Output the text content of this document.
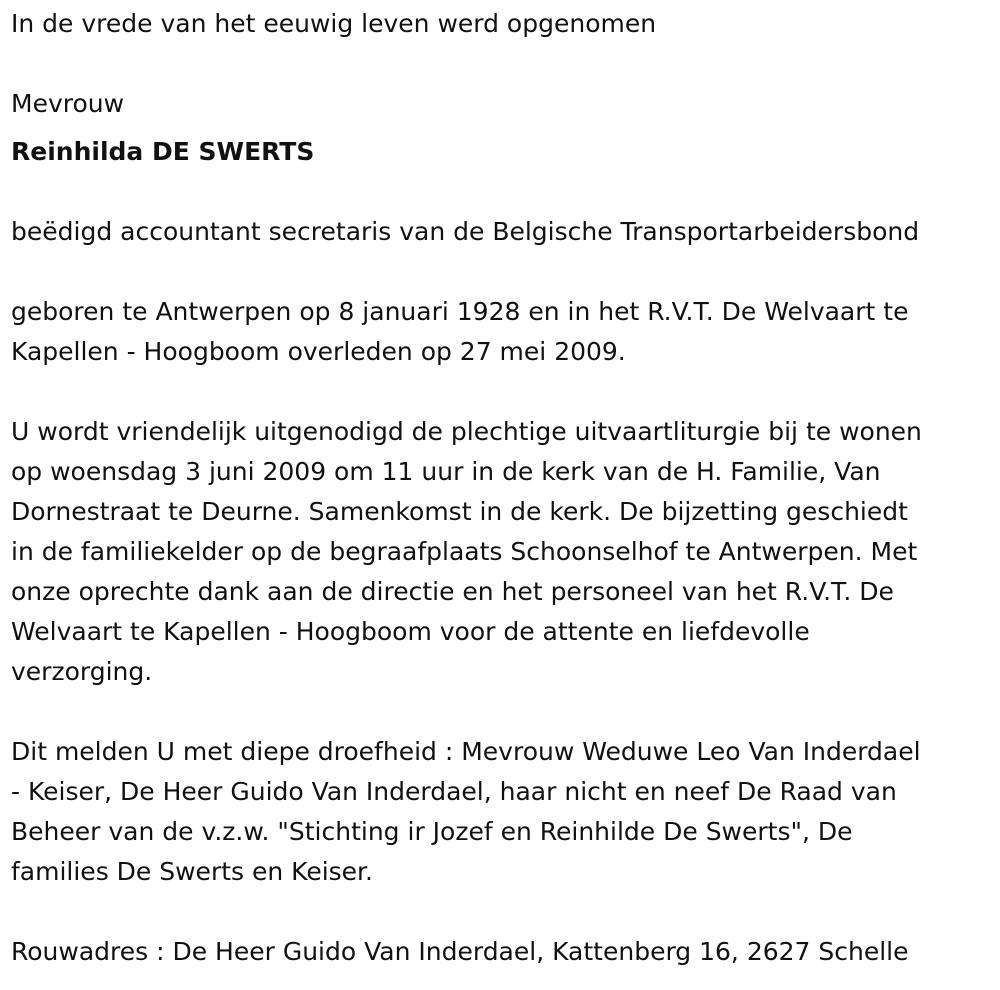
In de vrede van het eeuwig leven werd opgenomen

Mevrouw

Reinhilda DE SWERTS

beëdigd accountant secretaris van de Belgische Transportarbeidersbond

geboren te Antwerpen op 8 januari 1928 en in het R.V.T. De Welvaart te
Kapellen - Hoogboom overleden op 27 mei 2009.

U wordt vriendelijk uitgenodigd de plechtige uitvaartliturgie bij te wonen
op woensdag 3 juni 2009 om 11 uur in de kerk van de H. Familie, Van
Dornestraat te Deurne. Samenkomst in de kerk. De bijzetting geschiedt
in de familiekelder op de begraafplaats Schoonselhof te Antwerpen. Met
onze oprechte dank aan de directie en het personeel van het R.V.T. De
Welvaart te Kapellen - Hoogboom voor de attente en liefdevolle
verzorging.

Dit melden U met diepe droefheid : Mevrouw Weduwe Leo Van Inderdael
- Keiser, De Heer Guido Van Inderdael, haar nicht en neef De Raad van
Beheer van de v.z.w. "Stichting ir Jozef en Reinhilde De Swerts", De
families De Swerts en Keiser.

Rouwadres : De Heer Guido Van Inderdael, Kattenberg 16, 2627 Schelle
